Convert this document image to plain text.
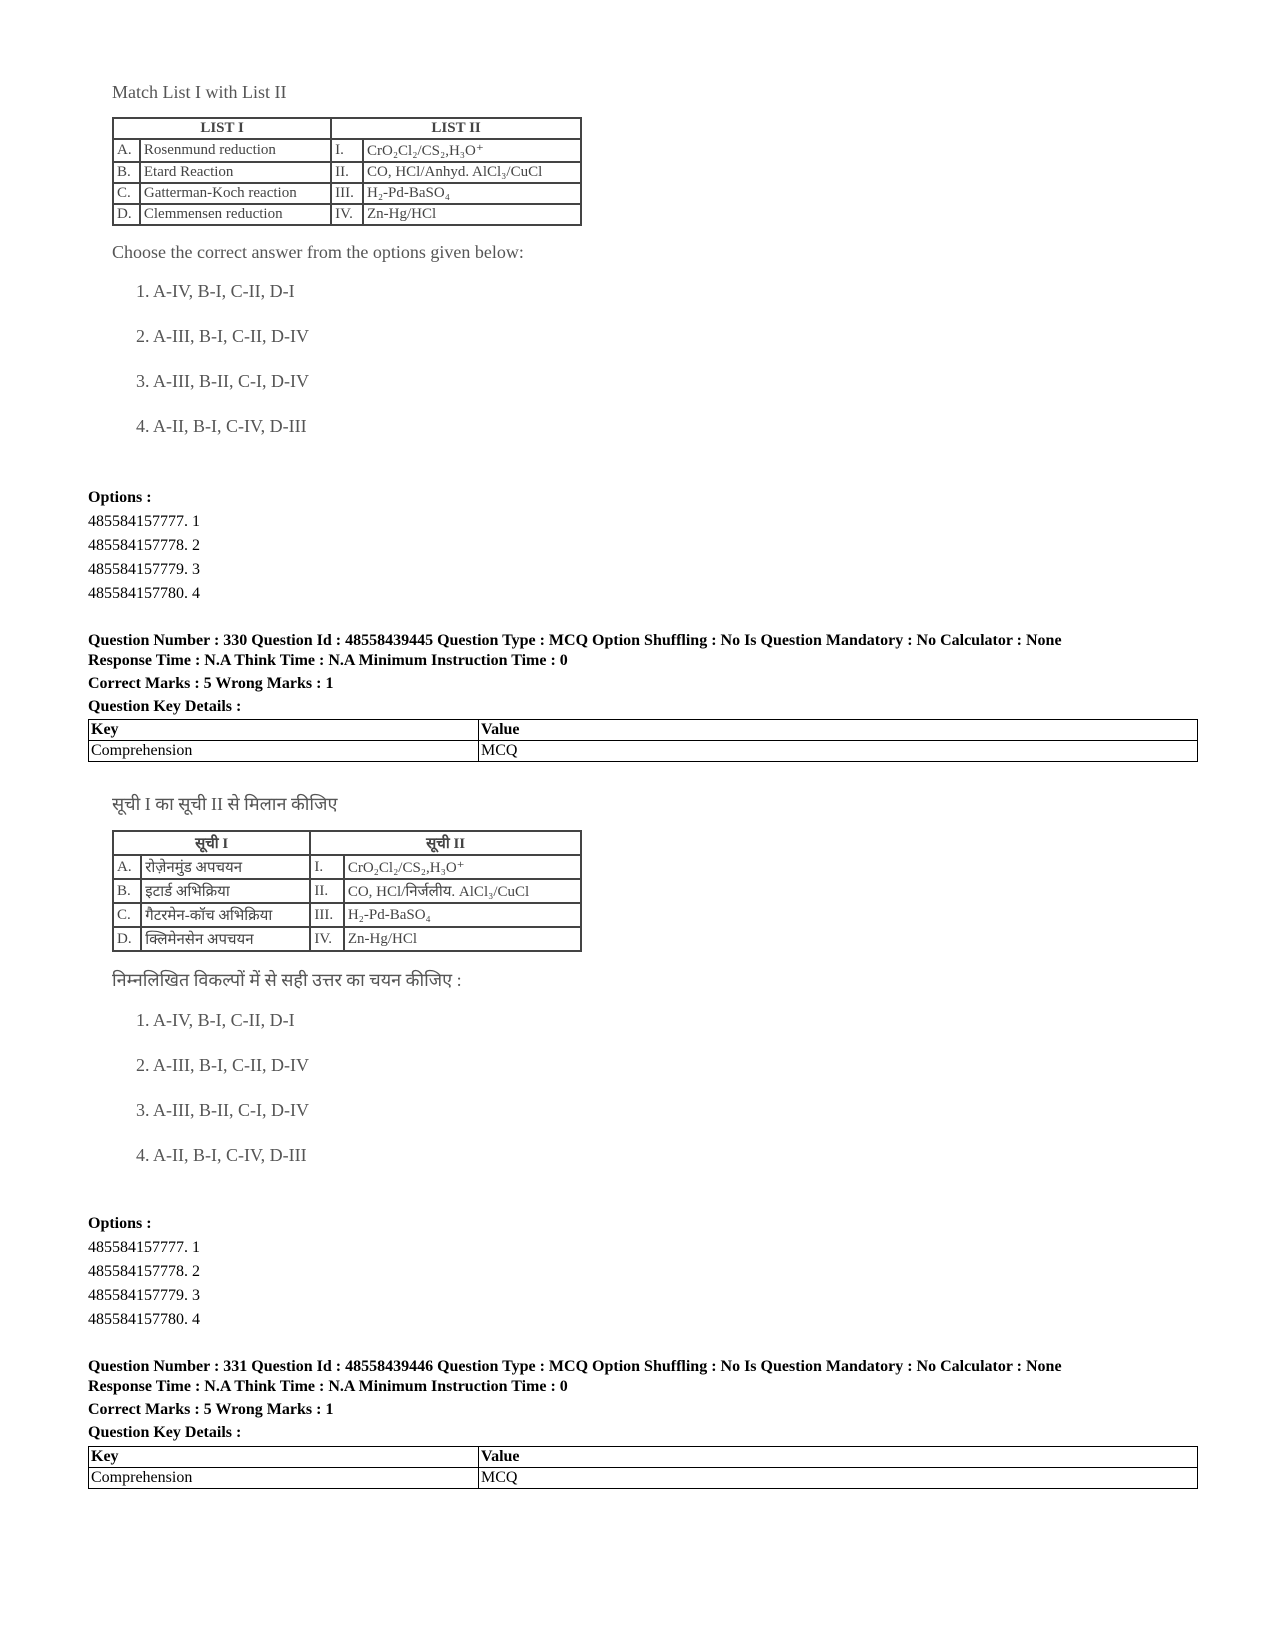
Match List I with List II

LIST I		LIST II	
A.	Rosenmund reduction	I.	CrO₂Cl₂/CS₂,H₃O⁺
B.	Etard Reaction	II.	CO, HCl/Anhyd. AlCl₃/CuCl
C.	Gatterman-Koch reaction	III.	H₂-Pd-BaSO₄
D.	Clemmensen reduction	IV.	Zn-Hg/HCl

Choose the correct answer from the options given below:

1. A-IV, B-I, C-II, D-I

2. A-III, B-I, C-II, D-IV

3. A-III, B-II, C-I, D-IV

4. A-II, B-I, C-IV, D-III

Options :
485584157777. 1
485584157778. 2
485584157779. 3
485584157780. 4
Question Number : 330 Question Id : 48558439445 Question Type : MCQ Option Shuffling : No Is Question Mandatory : No Calculator : None
Response Time : N.A Think Time : N.A Minimum Instruction Time : 0
Correct Marks : 5 Wrong Marks : 1
Question Key Details :
Key	Value
Comprehension	MCQ

सूची I का सूची II से मिलान कीजिए

सूची I		सूची II	
A.	रोज़ेनमुंड अपचयन	I.	CrO₂Cl₂/CS₂,H₃O⁺
B.	इटार्ड अभिक्रिया	II.	CO, HCl/निर्जलीय. AlCl₃/CuCl
C.	गैटरमेन-कॉच अभिक्रिया	III.	H₂-Pd-BaSO₄
D.	क्लिमेनसेन अपचयन	IV.	Zn-Hg/HCl

निम्नलिखित विकल्पों में से सही उत्तर का चयन कीजिए :

1. A-IV, B-I, C-II, D-I

2. A-III, B-I, C-II, D-IV

3. A-III, B-II, C-I, D-IV

4. A-II, B-I, C-IV, D-III

Options :
485584157777. 1
485584157778. 2
485584157779. 3
485584157780. 4
Question Number : 331 Question Id : 48558439446 Question Type : MCQ Option Shuffling : No Is Question Mandatory : No Calculator : None
Response Time : N.A Think Time : N.A Minimum Instruction Time : 0
Correct Marks : 5 Wrong Marks : 1
Question Key Details :
Key	Value
Comprehension	MCQ
